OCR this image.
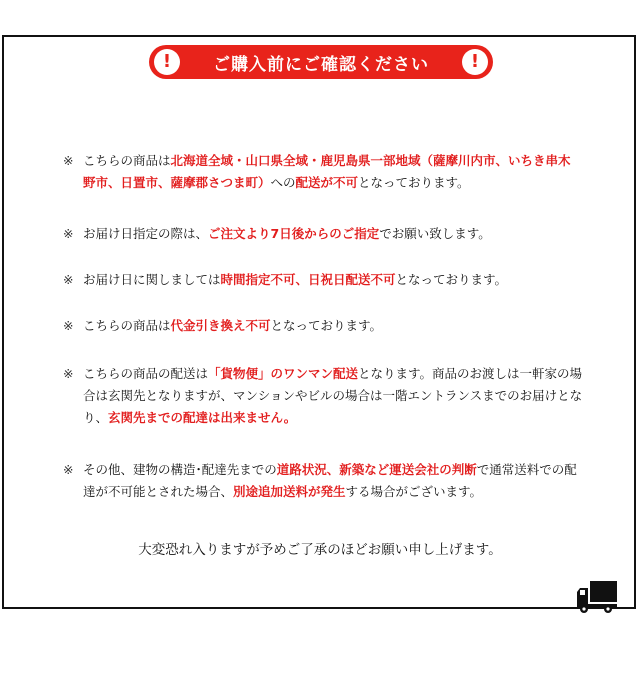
!	ご購入前にご確認ください	!
※ こちらの商品は北海道全域・山口県全域・鹿児島県一部地域（薩摩川内市、いちき串木野市、日置市、薩摩郡さつま町）への配送が不可となっております。
※ お届け日指定の際は、ご注文より7日後からのご指定でお願い致します。
※ お届け日に関しましては時間指定不可、日祝日配送不可となっております。
※ こちらの商品は代金引き換え不可となっております。
※ こちらの商品の配送は「貨物便」のワンマン配送となります。商品のお渡しは一軒家の場合は玄関先となりますが、マンションやビルの場合は一階エントランスまでのお届けとなり、玄関先までの配達は出来ません。
※ その他、建物の構造･配達先までの道路状況、新築など運送会社の判断で通常送料での配達が不可能とされた場合、別途追加送料が発生する場合がございます。
大変恐れ入りますが予めご了承のほどお願い申し上げます。
